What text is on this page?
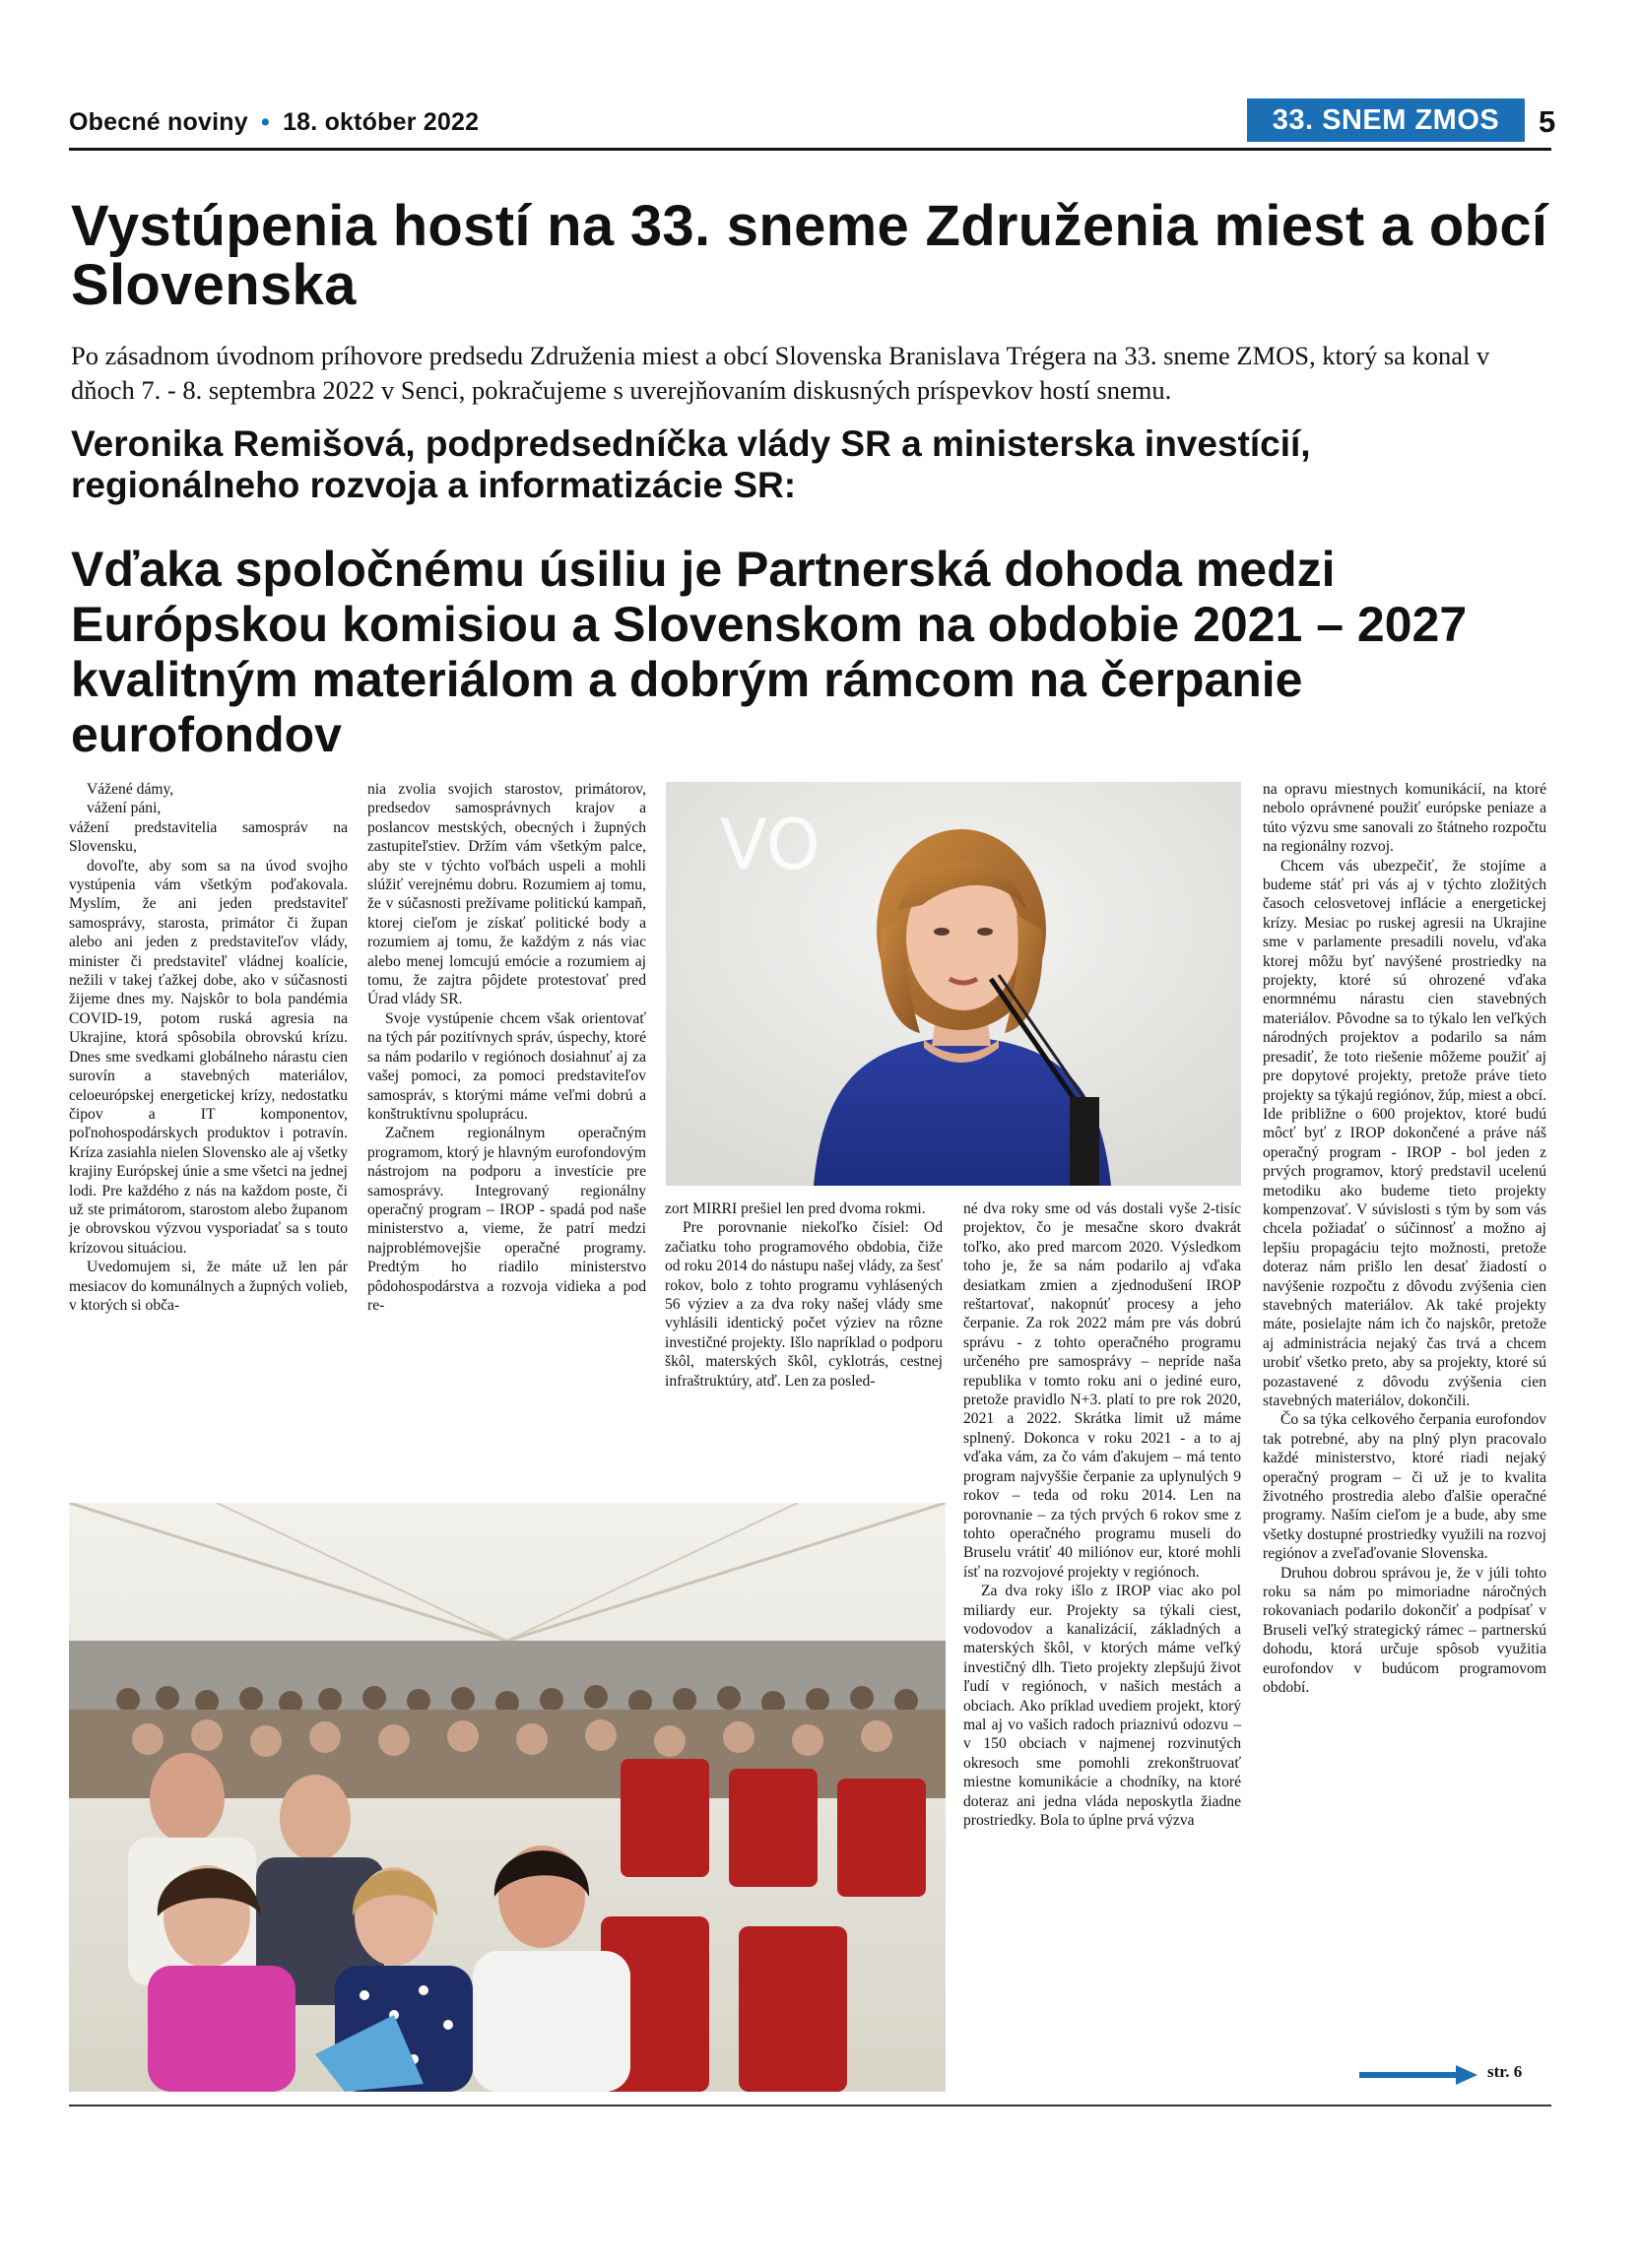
Obecné noviny • 18. október 2022	33. SNEM ZMOS	5
Vystúpenia hostí na 33. sneme Združenia miest a obcí Slovenska
Po zásadnom úvodnom príhovore predsedu Združenia miest a obcí Slovenska Branislava Trégera na 33. sneme ZMOS, ktorý sa konal v dňoch 7. - 8. septembra 2022 v Senci, pokračujeme s uverejňovaním diskusných príspevkov hostí snemu.
Veronika Remišová, podpredsedníčka vlády SR a ministerska investícií, regionálneho rozvoja a informatizácie SR:
Vďaka spoločnému úsiliu je Partnerská dohoda medzi Európskou komisiou a Slovenskom na obdobie 2021 – 2027 kvalitným materiálom a dobrým rámcom na čerpanie eurofondov
VO

Vážené dámy,

vážení páni,

vážení predstavitelia samospráv na Slovensku,

dovoľte, aby som sa na úvod svojho vystúpenia vám všetkým poďakovala. Myslím, že ani jeden predstaviteľ samosprávy, starosta, primátor či župan alebo ani jeden z predstaviteľov vlády, minister či predstaviteľ vládnej koalície, nežili v takej ťažkej dobe, ako v súčasnosti žijeme dnes my. Najskôr to bola pandémia COVID-19, potom ruská agresia na Ukrajine, ktorá spôsobila obrovskú krízu. Dnes sme svedkami globálneho nárastu cien surovín a stavebných materiálov, celoeurópskej energetickej krízy, nedostatku čipov a IT komponentov, poľnohospodárskych produktov i potravín. Kríza zasiahla nielen Slovensko ale aj všetky krajiny Európskej únie a sme všetci na jednej lodi. Pre každého z nás na každom poste, či už ste primátorom, starostom alebo županom je obrovskou výzvou vysporiadať sa s touto krízovou situáciou.

Uvedomujem si, že máte už len pár mesiacov do komunálnych a župných volieb, v ktorých si obča-

nia zvolia svojich starostov, primátorov, predsedov samosprávnych krajov a poslancov mestských, obecných i župných zastupiteľstiev. Držím vám všetkým palce, aby ste v týchto voľbách uspeli a mohli slúžiť verejnému dobru. Rozumiem aj tomu, že v súčasnosti prežívame politickú kampaň, ktorej cieľom je získať politické body a rozumiem aj tomu, že každým z nás viac alebo menej lomcujú emócie a rozumiem aj tomu, že zajtra pôjdete protestovať pred Úrad vlády SR.

Svoje vystúpenie chcem však orientovať na tých pár pozitívnych správ, úspechy, ktoré sa nám podarilo v regiónoch dosiahnuť aj za vašej pomoci, za pomoci predstaviteľov samospráv, s ktorými máme veľmi dobrú a konštruktívnu spoluprácu.

Začnem regionálnym operačným programom, ktorý je hlavným eurofondovým nástrojom na podporu a investície pre samosprávy. Integrovaný regionálny operačný program – IROP - spadá pod naše ministerstvo a, vieme, že patrí medzi najproblémovejšie operačné programy. Predtým ho riadilo ministerstvo pôdohospodárstva a rozvoja vidieka a pod re-

zort MIRRI prešiel len pred dvoma rokmi.

Pre porovnanie niekoľko čísiel: Od začiatku toho programového obdobia, čiže od roku 2014 do nástupu našej vlády, za šesť rokov, bolo z tohto programu vyhlásených 56 výziev a za dva roky našej vlády sme vyhlásili identický počet výziev na rôzne investičné projekty. Išlo napríklad o podporu škôl, materských škôl, cyklotrás, cestnej infraštruktúry, atď. Len za posled-

né dva roky sme od vás dostali vyše 2-tisíc projektov, čo je mesačne skoro dvakrát toľko, ako pred marcom 2020. Výsledkom toho je, že sa nám podarilo aj vďaka desiatkam zmien a zjednodušení IROP reštartovať, nakopnúť procesy a jeho čerpanie. Za rok 2022 mám pre vás dobrú správu - z tohto operačného programu určeného pre samosprávy – nepríde naša republika v tomto roku ani o jediné euro, pretože pravidlo N+3. platí to pre rok 2020, 2021 a 2022. Skrátka limit už máme splnený. Dokonca v roku 2021 - a to aj vďaka vám, za čo vám ďakujem – má tento program najvyššie čerpanie za uplynulých 9 rokov – teda od roku 2014. Len na porovnanie – za tých prvých 6 rokov sme z tohto operačného programu museli do Bruselu vrátiť 40 miliónov eur, ktoré mohli ísť na rozvojové projekty v regiónoch.

Za dva roky išlo z IROP viac ako pol miliardy eur. Projekty sa týkali ciest, vodovodov a kanalizácií, základných a materských škôl, v ktorých máme veľký investičný dlh. Tieto projekty zlepšujú život ľudí v regiónoch, v našich mestách a obciach. Ako príklad uvediem projekt, ktorý mal aj vo vašich radoch priaznivú odozvu – v 150 obciach v najmenej rozvinutých okresoch sme pomohli zrekonštruovať miestne komunikácie a chodníky, na ktoré doteraz ani jedna vláda neposkytla žiadne prostriedky. Bola to úplne prvá výzva

na opravu miestnych komunikácií, na ktoré nebolo oprávnené použiť európske peniaze a túto výzvu sme sanovali zo štátneho rozpočtu na regionálny rozvoj.

Chcem vás ubezpečiť, že stojíme a budeme stáť pri vás aj v týchto zložitých časoch celosvetovej inflácie a energetickej krízy. Mesiac po ruskej agresii na Ukrajine sme v parlamente presadili novelu, vďaka ktorej môžu byť navýšené prostriedky na projekty, ktoré sú ohrozené vďaka enormnému nárastu cien stavebných materiálov. Pôvodne sa to týkalo len veľkých národných projektov a podarilo sa nám presadiť, že toto riešenie môžeme použiť aj pre dopytové projekty, pretože práve tieto projekty sa týkajú regiónov, žúp, miest a obcí. Ide približne o 600 projektov, ktoré budú môcť byť z IROP dokončené a práve náš operačný program - IROP - bol jeden z prvých programov, ktorý predstavil ucelenú metodiku ako budeme tieto projekty kompenzovať. V súvislosti s tým by som vás chcela požiadať o súčinnosť a možno aj lepšiu propagáciu tejto možnosti, pretože doteraz nám prišlo len desať žiadostí o navýšenie rozpočtu z dôvodu zvýšenia cien stavebných materiálov. Ak také projekty máte, posielajte nám ich čo najskôr, pretože aj administrácia nejaký čas trvá a chcem urobiť všetko preto, aby sa projekty, ktoré sú pozastavené z dôvodu zvýšenia cien stavebných materiálov, dokončili.

Čo sa týka celkového čerpania eurofondov tak potrebné, aby na plný plyn pracovalo každé ministerstvo, ktoré riadi nejaký operačný program – či už je to kvalita životného prostredia alebo ďalšie operačné programy. Naším cieľom je a bude, aby sme všetky dostupné prostriedky využili na rozvoj regiónov a zveľaďovanie Slovenska.

Druhou dobrou správou je, že v júli tohto roku sa nám po mimoriadne náročných rokovaniach podarilo dokončiť a podpísať v Bruseli veľký strategický rámec – partnerskú dohodu, ktorá určuje spôsob využitia eurofondov v budúcom programovom období.

str. 6
